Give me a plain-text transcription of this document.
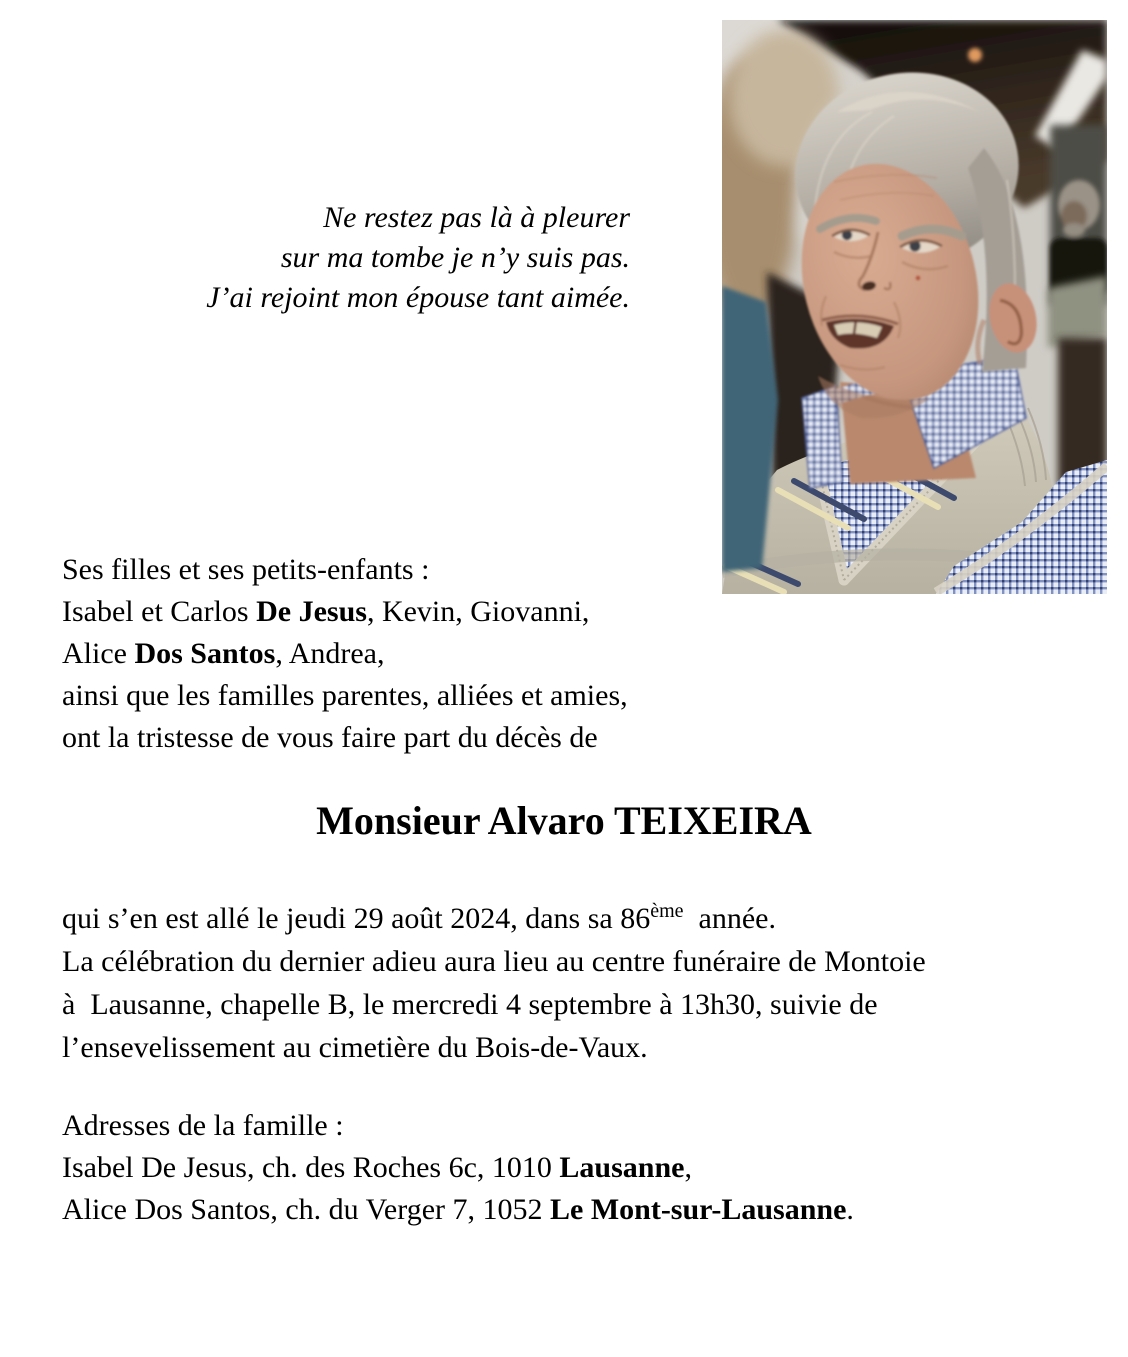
Ne restez pas là à pleurer

sur ma tombe je n’y suis pas.

J’ai rejoint mon épouse tant aimée.

Ses filles et ses petits-enfants :

Isabel et Carlos De Jesus, Kevin, Giovanni,

Alice Dos Santos, Andrea,

ainsi que les familles parentes, alliées et amies,

ont la tristesse de vous faire part du décès de

Monsieur Alvaro TEIXEIRA

qui s’en est allé le jeudi 29 août 2024, dans sa 86ème  année.

La célébration du dernier adieu aura lieu au centre funéraire de Montoie

à  Lausanne, chapelle B, le mercredi 4 septembre à 13h30, suivie de

l’ensevelissement au cimetière du Bois-de-Vaux.

Adresses de la famille :

Isabel De Jesus, ch. des Roches 6c, 1010 Lausanne,

Alice Dos Santos, ch. du Verger 7, 1052 Le Mont-sur-Lausanne.
